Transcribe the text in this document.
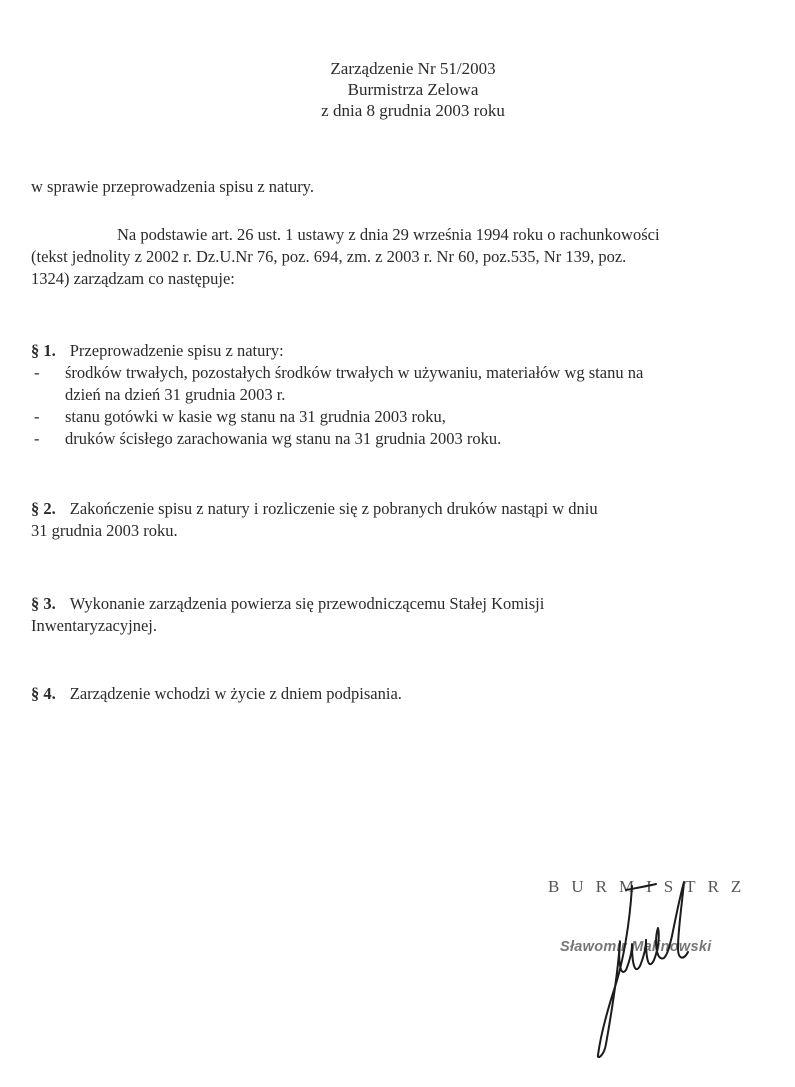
Zarządzenie Nr 51/2003
Burmistrza Zelowa
z dnia 8 grudnia 2003 roku
w sprawie przeprowadzenia spisu z natury.
Na podstawie art. 26 ust. 1 ustawy z dnia 29 września 1994 roku o rachunkowości
(tekst jednolity z 2002 r. Dz.U.Nr 76, poz. 694, zm. z 2003 r. Nr 60, poz.535, Nr 139, poz.
1324) zarządzam co następuje:
§ 1. Przeprowadzenie spisu z natury:
- środków trwałych, pozostałych środków trwałych w używaniu, materiałów wg stanu na
dzień na dzień 31 grudnia 2003 r.
- stanu gotówki w kasie wg stanu na 31 grudnia 2003 roku,
- druków ścisłego zarachowania wg stanu na 31 grudnia 2003 roku.
§ 2. Zakończenie spisu z natury i rozliczenie się z pobranych druków nastąpi w dniu
31 grudnia 2003 roku.
§ 3. Wykonanie zarządzenia powierza się przewodniczącemu Stałej Komisji
Inwentaryzacyjnej.
§ 4. Zarządzenie wchodzi w życie z dniem podpisania.
BURMISTRZ
Sławomir Malinowski
